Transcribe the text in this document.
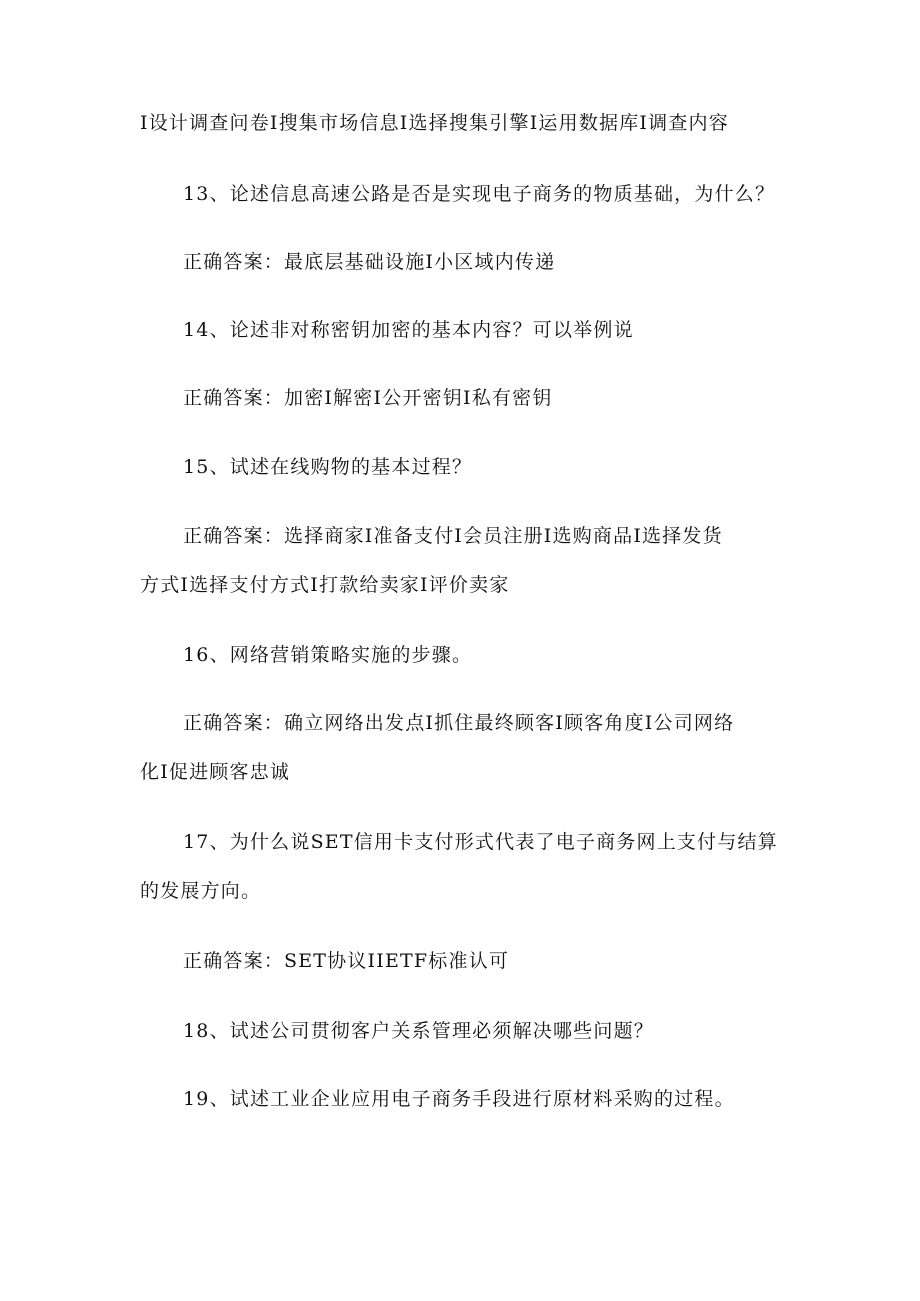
I设计调查问卷I搜集市场信息I选择搜集引擎I运用数据库I调查内容
13、论述信息高速公路是否是实现电子商务的物质基础，为什么？
正确答案：最底层基础设施I小区域内传递
14、论述非对称密钥加密的基本内容？可以举例说
正确答案：加密I解密I公开密钥I私有密钥
15、试述在线购物的基本过程？
正确答案：选择商家I准备支付I会员注册I选购商品I选择发货
方式I选择支付方式I打款给卖家I评价卖家
16、网络营销策略实施的步骤。
正确答案：确立网络出发点I抓住最终顾客I顾客角度I公司网络
化I促进顾客忠诚
17、为什么说SET信用卡支付形式代表了电子商务网上支付与结算
的发展方向。
正确答案：SET协议IIETF标准认可
18、试述公司贯彻客户关系管理必须解决哪些问题？
19、试述工业企业应用电子商务手段进行原材料采购的过程。
